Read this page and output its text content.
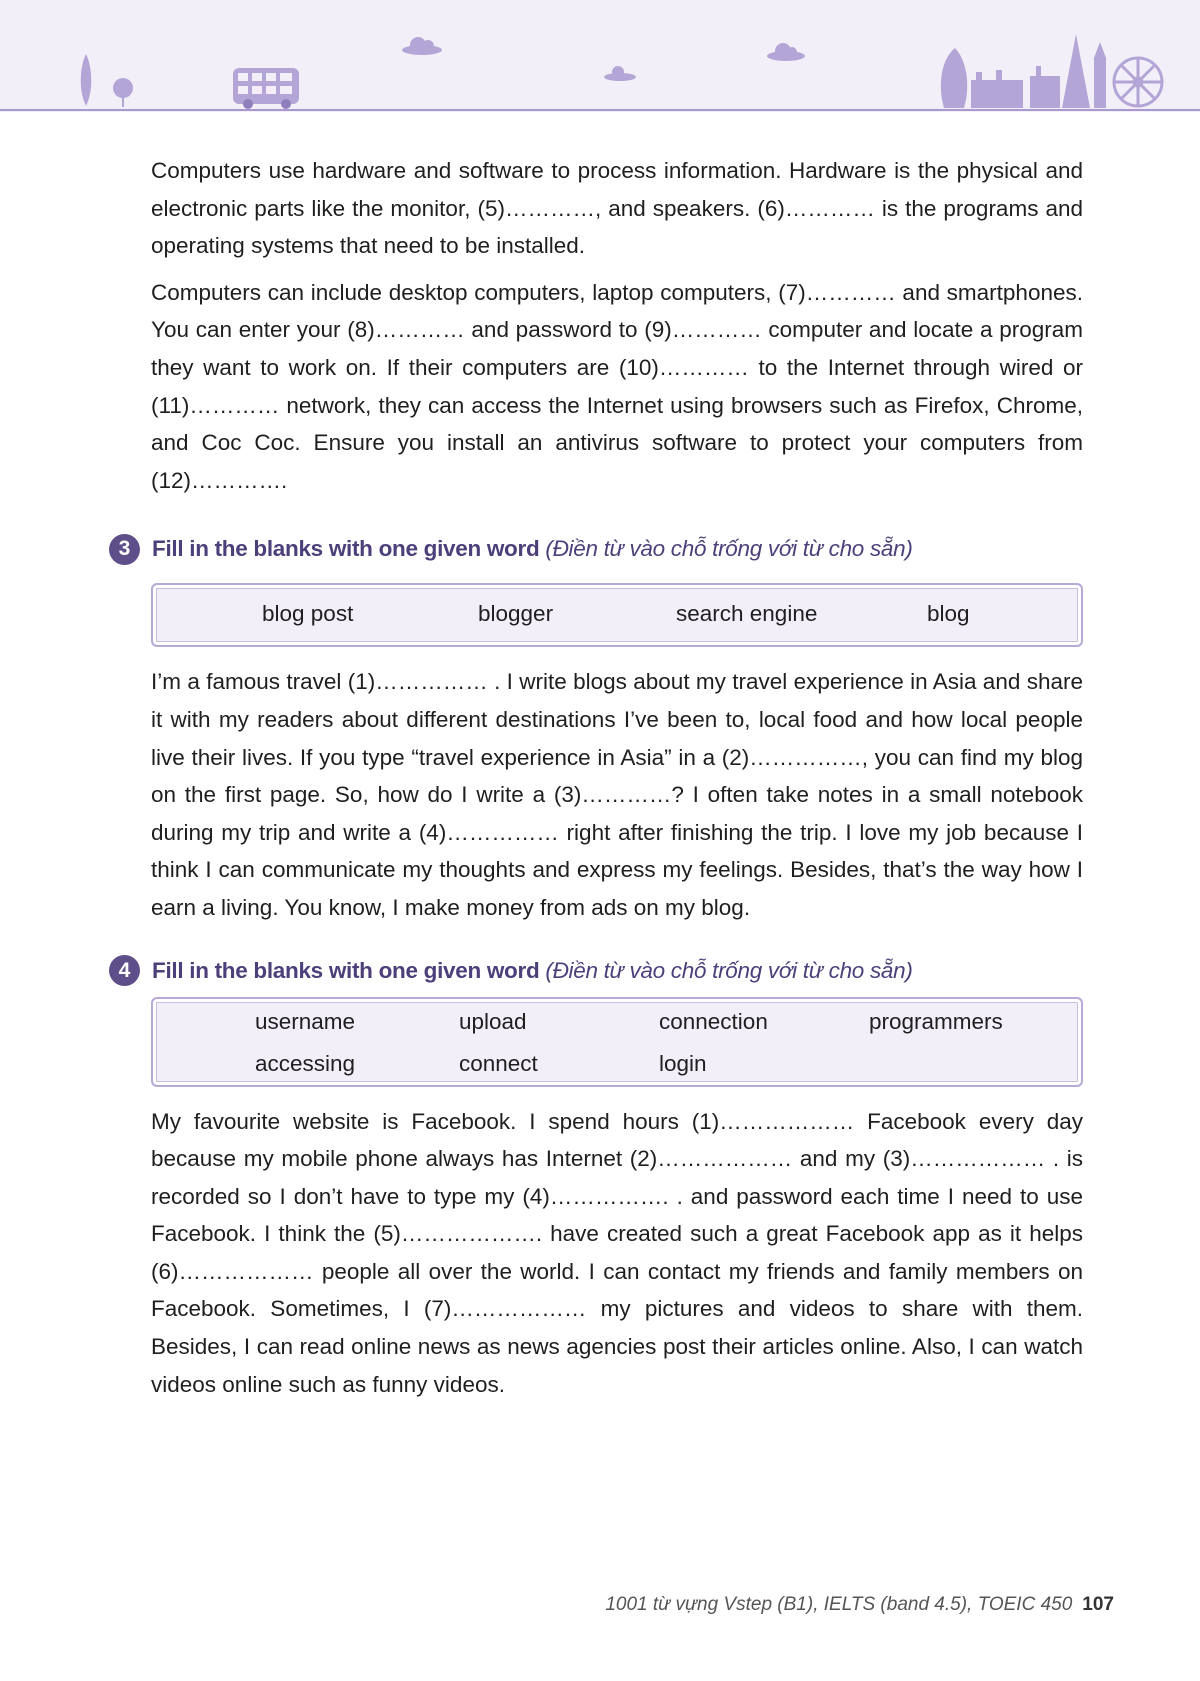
Computers use hardware and software to process information. Hardware is the physical and electronic parts like the monitor, (5)…………, and speakers. (6)………… is the programs and operating systems that need to be installed.

Computers can include desktop computers, laptop computers, (7)………… and smartphones. You can enter your (8)………… and password to (9)………… computer and locate a program they want to work on. If their computers are (10)………… to the Internet through wired or (11)………… network, they can access the Internet using browsers such as Firefox, Chrome, and Coc Coc. Ensure you install an antivirus software to protect your computers from (12)………….

3 Fill in the blanks with one given word (Điền từ vào chỗ trống với từ cho sẵn)
blog post	blogger	search engine	blog

I’m a famous travel (1)…………… . I write blogs about my travel experience in Asia and share it with my readers about different destinations I’ve been to, local food and how local people live their lives. If you type “travel experience in Asia” in a (2)……………, you can find my blog on the first page. So, how do I write a (3)…………? I often take notes in a small notebook during my trip and write a (4)…………… right after finishing the trip. I love my job because I think I can communicate my thoughts and express my feelings. Besides, that’s the way how I earn a living. You know, I make money from ads on my blog.

4 Fill in the blanks with one given word (Điền từ vào chỗ trống với từ cho sẵn)
username	upload	connection	programmers
accessing	connect	login

My favourite website is Facebook. I spend hours (1)……………… Facebook every day because my mobile phone always has Internet (2)……………… and my (3)……………… . is recorded so I don’t have to type my (4)……………. . and password each time I need to use Facebook. I think the (5)………………. have created such a great Facebook app as it helps (6)……………… people all over the world. I can contact my friends and family members on Facebook. Sometimes, I (7)……………… my pictures and videos to share with them. Besides, I can read online news as news agencies post their articles online. Also, I can watch videos online such as funny videos.

1001 từ vựng Vstep (B1), IELTS (band 4.5), TOEIC 450 107
